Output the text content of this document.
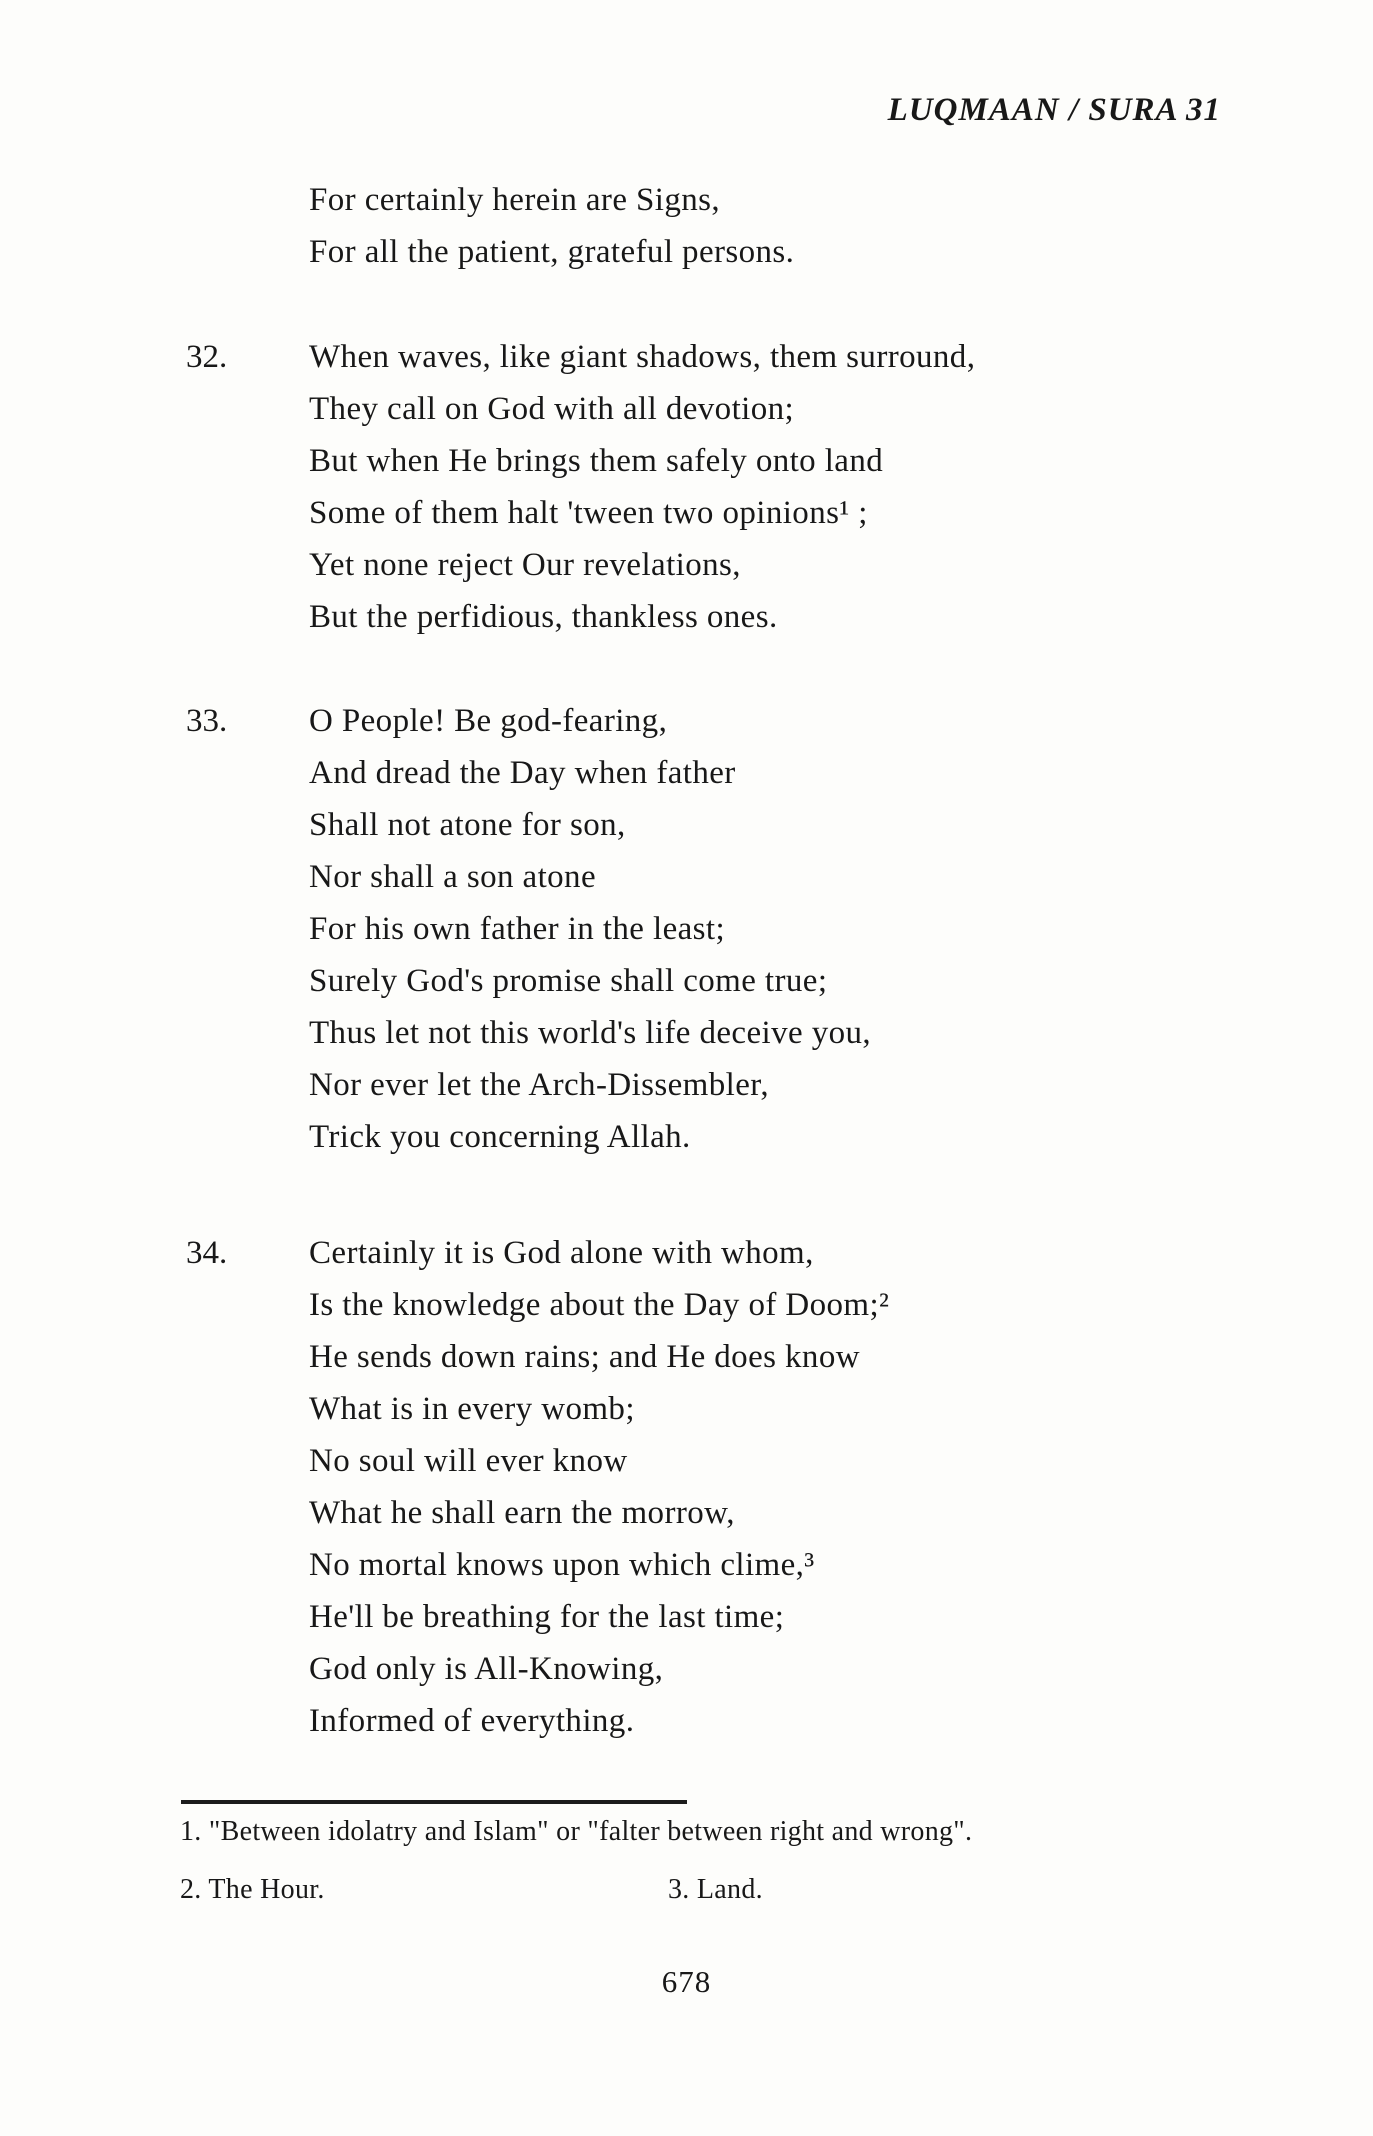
LUQMAAN / SURA 31
For certainly herein are Signs,
For all the patient, grateful persons.
32. When waves, like giant shadows, them surround,
They call on God with all devotion;
But when He brings them safely onto land
Some of them halt 'tween two opinions¹ ;
Yet none reject Our revelations,
But the perfidious, thankless ones.
33. O People! Be god-fearing,
And dread the Day when father
Shall not atone for son,
Nor shall a son atone
For his own father in the least;
Surely God's promise shall come true;
Thus let not this world's life deceive you,
Nor ever let the Arch-Dissembler,
Trick you concerning Allah.
34. Certainly it is God alone with whom,
Is the knowledge about the Day of Doom;²
He sends down rains; and He does know
What is in every womb;
No soul will ever know
What he shall earn the morrow,
No mortal knows upon which clime,³
He'll be breathing for the last time;
God only is All-Knowing,
Informed of everything.
1. "Between idolatry and Islam" or "falter between right and wrong".
2. The Hour.	3. Land.
678
